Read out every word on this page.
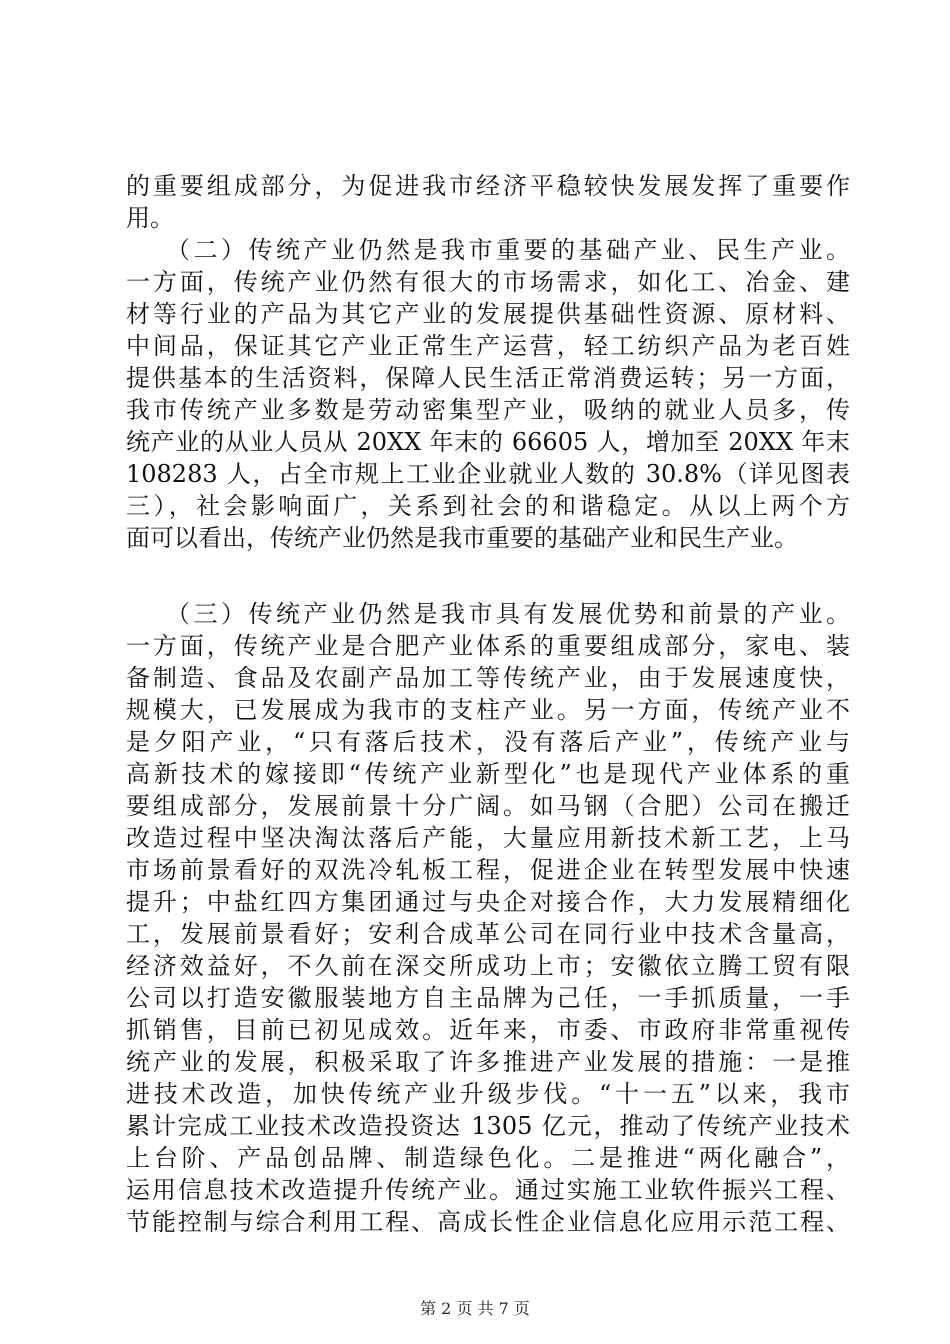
的重要组成部分，为促进我市经济平稳较快发展发挥了重要作
用。
（二）传统产业仍然是我市重要的基础产业、民生产业。
一方面，传统产业仍然有很大的市场需求，如化工、冶金、建
材等行业的产品为其它产业的发展提供基础性资源、原材料、
中间品，保证其它产业正常生产运营，轻工纺织产品为老百姓
提供基本的生活资料，保障人民生活正常消费运转；另一方面，
我市传统产业多数是劳动密集型产业，吸纳的就业人员多，传
统产业的从业人员从 20XX 年末的 66605 人，增加至 20XX 年末
108283 人，占全市规上工业企业就业人数的 30.8%（详见图表
三），社会影响面广，关系到社会的和谐稳定。从以上两个方
面可以看出，传统产业仍然是我市重要的基础产业和民生产业。
（三）传统产业仍然是我市具有发展优势和前景的产业。
一方面，传统产业是合肥产业体系的重要组成部分，家电、装
备制造、食品及农副产品加工等传统产业，由于发展速度快，
规模大，已发展成为我市的支柱产业。另一方面，传统产业不
是夕阳产业，“只有落后技术，没有落后产业”，传统产业与
高新技术的嫁接即“传统产业新型化”也是现代产业体系的重
要组成部分，发展前景十分广阔。如马钢（合肥）公司在搬迁
改造过程中坚决淘汰落后产能，大量应用新技术新工艺，上马
市场前景看好的双洗冷轧板工程，促进企业在转型发展中快速
提升；中盐红四方集团通过与央企对接合作，大力发展精细化
工，发展前景看好；安利合成革公司在同行业中技术含量高，
经济效益好，不久前在深交所成功上市；安徽依立腾工贸有限
公司以打造安徽服装地方自主品牌为己任，一手抓质量，一手
抓销售，目前已初见成效。近年来，市委、市政府非常重视传
统产业的发展，积极采取了许多推进产业发展的措施：一是推
进技术改造，加快传统产业升级步伐。“十一五”以来，我市
累计完成工业技术改造投资达 1305 亿元，推动了传统产业技术
上台阶、产品创品牌、制造绿色化。二是推进“两化融合”，
运用信息技术改造提升传统产业。通过实施工业软件振兴工程、
节能控制与综合利用工程、高成长性企业信息化应用示范工程、
第 2 页 共 7 页
